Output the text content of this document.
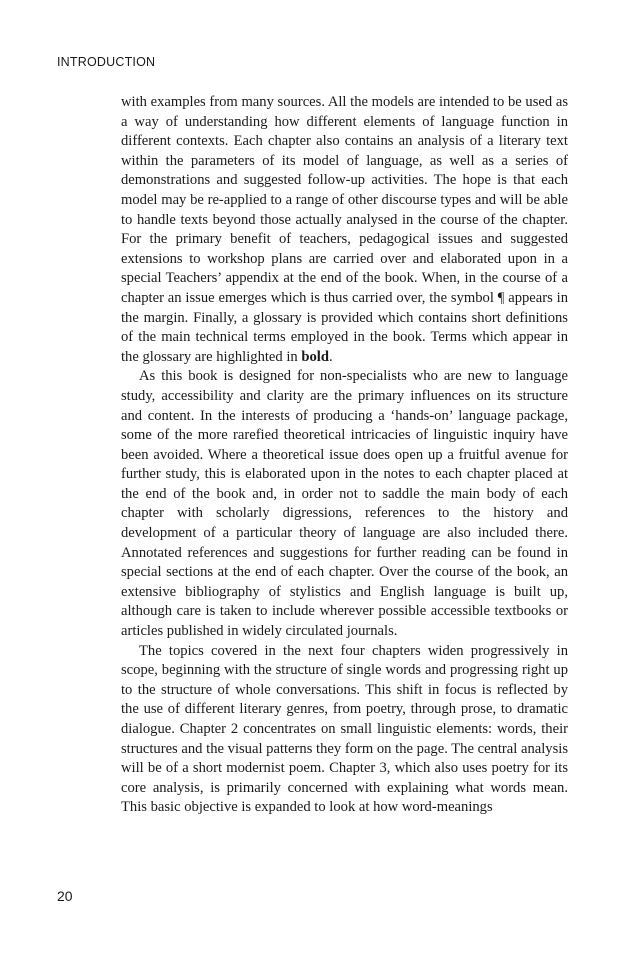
INTRODUCTION

with examples from many sources. All the models are intended to be used as a way of understanding how different elements of language function in different contexts. Each chapter also contains an analysis of a literary text within the parameters of its model of language, as well as a series of demonstrations and suggested follow-up activities. The hope is that each model may be re-applied to a range of other discourse types and will be able to handle texts beyond those actually analysed in the course of the chapter. For the primary benefit of teachers, pedagogical issues and suggested extensions to workshop plans are carried over and elaborated upon in a special Teachers’ appendix at the end of the book. When, in the course of a chapter an issue emerges which is thus carried over, the symbol ¶ appears in the margin. Finally, a glossary is provided which contains short definitions of the main technical terms employed in the book. Terms which appear in the glossary are highlighted in bold.

As this book is designed for non-specialists who are new to language study, accessibility and clarity are the primary influences on its structure and content. In the interests of producing a ‘hands-on’ language package, some of the more rarefied theoretical intricacies of linguistic inquiry have been avoided. Where a theoretical issue does open up a fruitful avenue for further study, this is elaborated upon in the notes to each chapter placed at the end of the book and, in order not to saddle the main body of each chapter with scholarly digressions, references to the history and development of a particular theory of language are also included there. Annotated references and suggestions for further reading can be found in special sections at the end of each chapter. Over the course of the book, an extensive bibliography of stylistics and English language is built up, although care is taken to include wherever possible accessible textbooks or articles published in widely circulated journals.

The topics covered in the next four chapters widen progressively in scope, beginning with the structure of single words and progressing right up to the structure of whole conversations. This shift in focus is reflected by the use of different literary genres, from poetry, through prose, to dramatic dialogue. Chapter 2 concentrates on small linguistic elements: words, their structures and the visual patterns they form on the page. The central analysis will be of a short modernist poem. Chapter 3, which also uses poetry for its core analysis, is primarily concerned with explaining what words mean. This basic objective is expanded to look at how word-meanings

20
